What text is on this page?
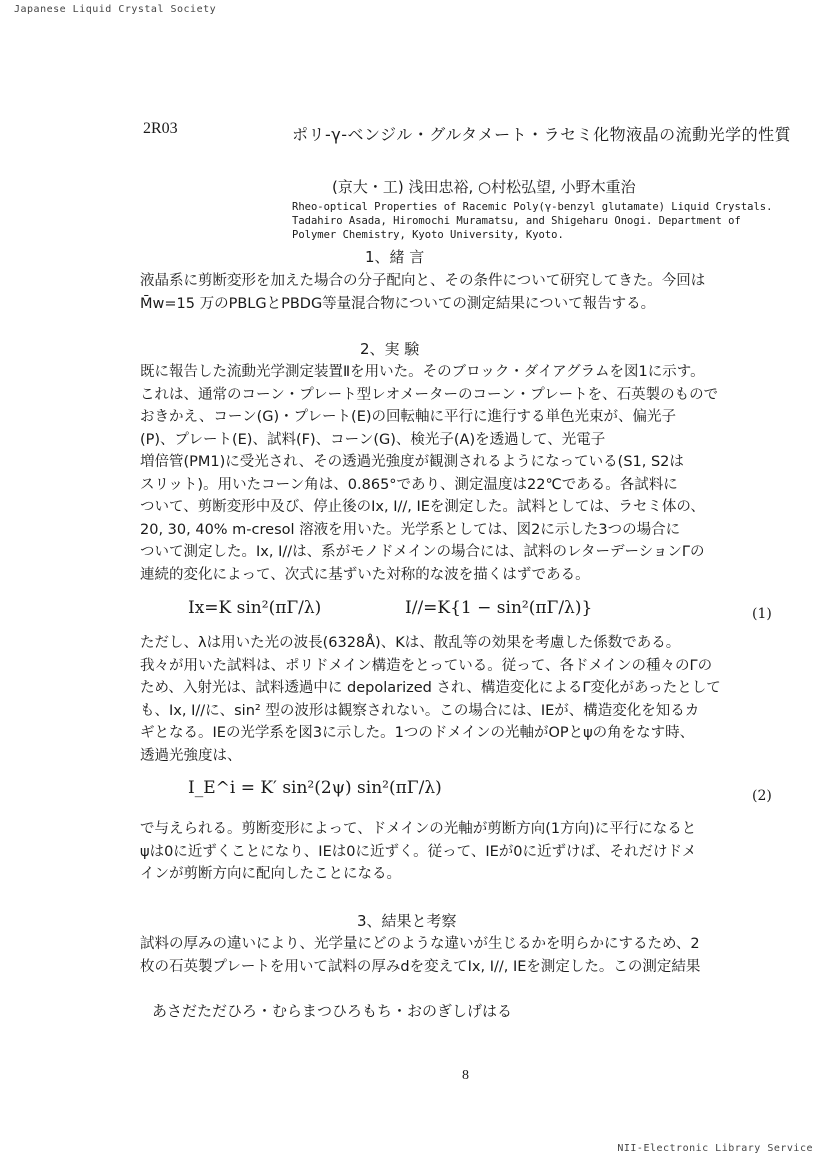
Japanese Liquid Crystal Society
2R03	ポリ-γ-ベンジル・グルタメート・ラセミ化物液晶の流動光学的性質
(京大・工) 浅田忠裕, ○村松弘望, 小野木重治
Rheo-optical Properties of Racemic Poly(γ-benzyl glutamate) Liquid Crystals.
Tadahiro Asada, Hiromochi Muramatsu, and Shigeharu Onogi. Department of
Polymer Chemistry, Kyoto University, Kyoto.
1、緒 言
液晶系に剪断変形を加えた場合の分子配向と、その条件について研究してきた。今回は
M̄w=15 万のPBLGとPBDG等量混合物についての測定結果について報告する。
2、実 験
既に報告した流動光学測定装置Ⅱを用いた。そのブロック・ダイアグラムを図1に示す。
これは、通常のコーン・プレート型レオメーターのコーン・プレートを、石英製のもので
おきかえ、コーン(G)・プレート(E)の回転軸に平行に進行する単色光束が、偏光子
(P)、プレート(E)、試料(F)、コーン(G)、検光子(A)を透過して、光電子
増倍管(PM1)に受光され、その透過光強度が観測されるようになっている(S1, S2は
スリット)。用いたコーン角は、0.865°であり、測定温度は22℃である。各試料に
ついて、剪断変形中及び、停止後のIx, I//, IEを測定した。試料としては、ラセミ体の、
20, 30, 40% m-cresol 溶液を用いた。光学系としては、図2に示した3つの場合に
ついて測定した。Ix, I//は、系がモノドメインの場合には、試料のレターデーションΓの
連続的変化によって、次式に基ずいた対称的な波を描くはずである。
Ix=K sin²(πΓ/λ)	I//=K{1 − sin²(πΓ/λ)}	(1)
ただし、λは用いた光の波長(6328Å)、Kは、散乱等の効果を考慮した係数である。
我々が用いた試料は、ポリドメイン構造をとっている。従って、各ドメインの種々のΓの
ため、入射光は、試料透過中に depolarized され、構造変化によるΓ変化があったとして
も、Ix, I//に、sin² 型の波形は観察されない。この場合には、IEが、構造変化を知るカ
ギとなる。IEの光学系を図3に示した。1つのドメインの光軸がOPとψの角をなす時、
透過光強度は、
I_E^i = K′ sin²(2ψ) sin²(πΓ/λ)	(2)
で与えられる。剪断変形によって、ドメインの光軸が剪断方向(1方向)に平行になると
ψは0に近ずくことになり、IEは0に近ずく。従って、IEが0に近ずけば、それだけドメ
インが剪断方向に配向したことになる。
3、結果と考察
試料の厚みの違いにより、光学量にどのような違いが生じるかを明らかにするため、2
枚の石英製プレートを用いて試料の厚みdを変えてIx, I//, IEを測定した。この測定結果
あさだただひろ・むらまつひろもち・おのぎしげはる
8
NII-Electronic Library Service
